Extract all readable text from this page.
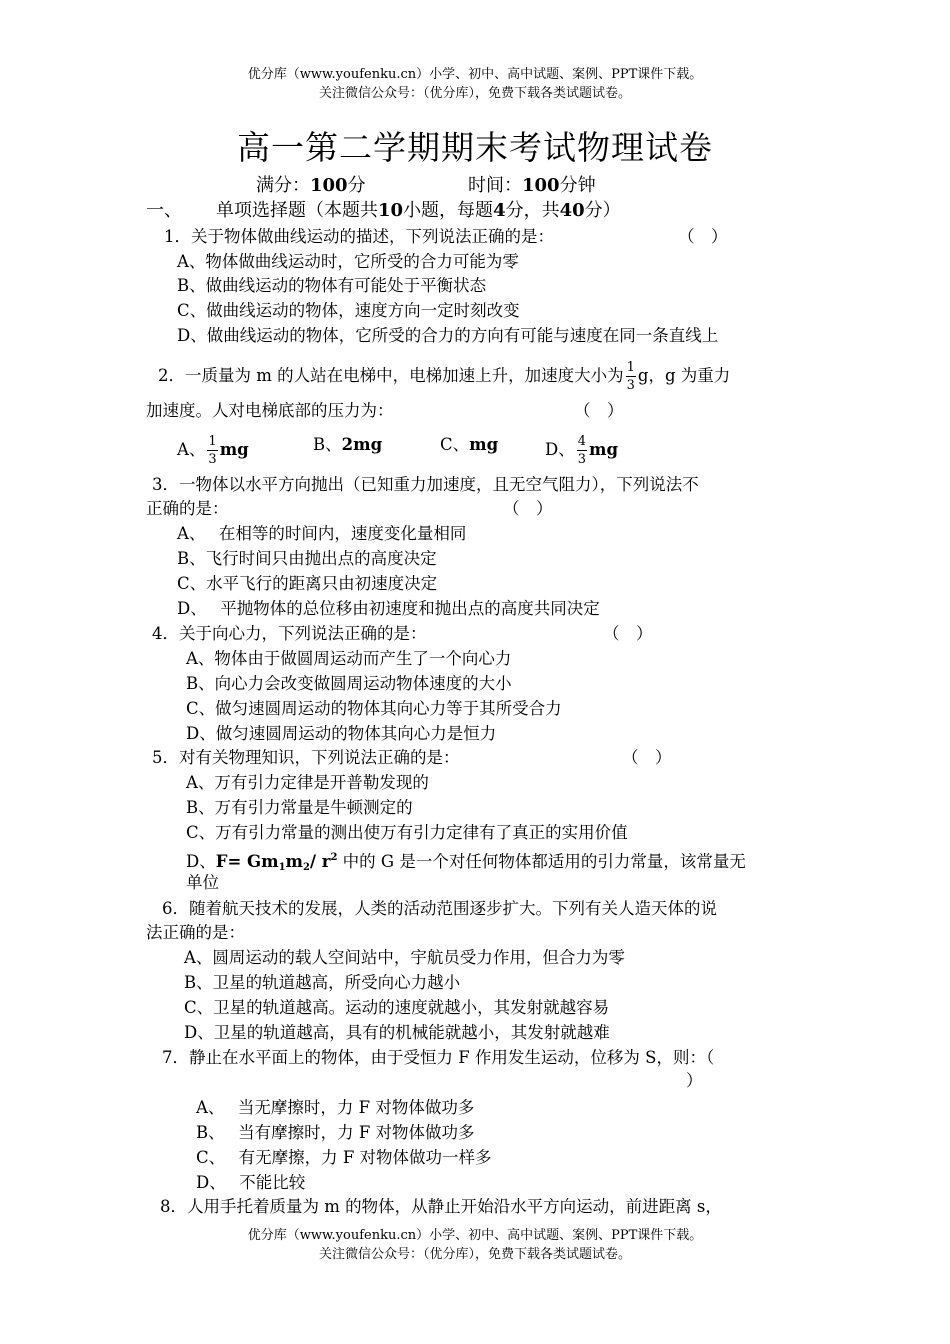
优分库（www.youfenku.cn）小学、初中、高中试题、案例、PPT课件下载。
关注微信公众号：（优分库），免费下载各类试题试卷。
高一第二学期期末考试物理试卷
满分：100分	时间：100分钟
一、 单项选择题（本题共10小题，每题4分，共40分）
1．关于物体做曲线运动的描述，下列说法正确的是：	（　）
A、物体做曲线运动时，它所受的合力可能为零
B、做曲线运动的物体有可能处于平衡状态
C、做曲线运动的物体，速度方向一定时刻改变
D、做曲线运动的物体，它所受的合力的方向有可能与速度在同一条直线上
2．一质量为 m 的人站在电梯中，电梯加速上升，加速度大小为 $\frac{1}{3}$ g，g 为重力
加速度。人对电梯底部的压力为：	（　）
A、 $\frac{1}{3}$ mg	B、2mg	C、mg	D、 $\frac{4}{3}$ mg
3．一物体以水平方向抛出（已知重力加速度，且无空气阻力），下列说法不
正确的是：	（　）
A、　 在相等的时间内，速度变化量相同
B、飞行时间只由抛出点的高度决定
C、水平飞行的距离只由初速度决定
D、　 平抛物体的总位移由初速度和抛出点的高度共同决定
4．关于向心力，下列说法正确的是：	（　）
A、物体由于做圆周运动而产生了一个向心力
B、向心力会改变做圆周运动物体速度的大小
C、做匀速圆周运动的物体其向心力等于其所受合力
D、做匀速圆周运动的物体其向心力是恒力
5．对有关物理知识，下列说法正确的是：	（　）
A、万有引力定律是开普勒发现的
B、万有引力常量是牛顿测定的
C、万有引力常量的测出使万有引力定律有了真正的实用价值
D、$F= Gm_1m_2/$ $r^2$ 中的 G 是一个对任何物体都适用的引力常量，该常量无
单位
6．随着航天技术的发展，人类的活动范围逐步扩大。下列有关人造天体的说
法正确的是：
A、圆周运动的载人空间站中，宇航员受力作用，但合力为零
B、卫星的轨道越高，所受向心力越小
C、卫星的轨道越高。运动的速度就越小，其发射就越容易
D、卫星的轨道越高，具有的机械能就越小，其发射就越难
7．静止在水平面上的物体，由于受恒力 F 作用发生运动，位移为 S，则：（
）
A、　 当无摩擦时，力 F 对物体做功多
B、　 当有摩擦时，力 F 对物体做功多
C、　 有无摩擦，力 F 对物体做功一样多
D、　 不能比较
8．人用手托着质量为 m 的物体，从静止开始沿水平方向运动，前进距离 s，
优分库（www.youfenku.cn）小学、初中、高中试题、案例、PPT课件下载。
关注微信公众号：（优分库），免费下载各类试题试卷。
